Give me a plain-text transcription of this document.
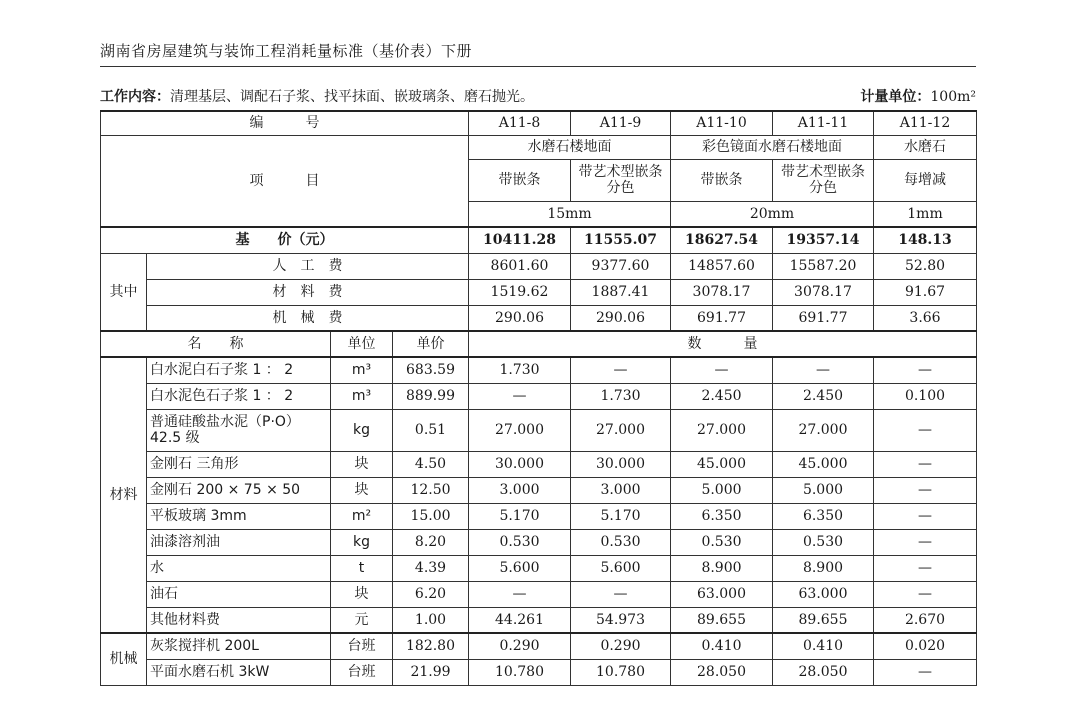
湖南省房屋建筑与装饰工程消耗量标准（基价表）下册
工作内容：清理基层、调配石子浆、找平抹面、嵌玻璃条、磨石抛光。	计量单位：100m²
编　　　号				A11-8	A11-9	A11-10	A11-11	A11-12
项　　　目				水磨石楼地面		彩色镜面水磨石楼地面		水磨石
				带嵌条	带艺术型嵌条分色	带嵌条	带艺术型嵌条分色	每增减
				15mm		20mm		1mm
基　　价（元）				10411.28	11555.07	18627.54	19357.14	148.13
其中	人　工　费			8601.60	9377.60	14857.60	15587.20	52.80
	材　料　费			1519.62	1887.41	3078.17	3078.17	91.67
	机　械　费			290.06	290.06	691.77	691.77	3.66
名　　称		单位	单价	数　　　量				
材料	白水泥白石子浆 1 ： 2	m³	683.59	1.730	—	—	—	—
	白水泥色石子浆 1 ： 2	m³	889.99	—	1.730	2.450	2.450	0.100
	普通硅酸盐水泥（P·O）42.5 级	kg	0.51	27.000	27.000	27.000	27.000	—
	金刚石 三角形	块	4.50	30.000	30.000	45.000	45.000	—
	金刚石 200 × 75 × 50	块	12.50	3.000	3.000	5.000	5.000	—
	平板玻璃 3mm	m²	15.00	5.170	5.170	6.350	6.350	—
	油漆溶剂油	kg	8.20	0.530	0.530	0.530	0.530	—
	水	t	4.39	5.600	5.600	8.900	8.900	—
	油石	块	6.20	—	—	63.000	63.000	—
	其他材料费	元	1.00	44.261	54.973	89.655	89.655	2.670
机械	灰浆搅拌机 200L	台班	182.80	0.290	0.290	0.410	0.410	0.020
	平面水磨石机 3kW	台班	21.99	10.780	10.780	28.050	28.050	—
